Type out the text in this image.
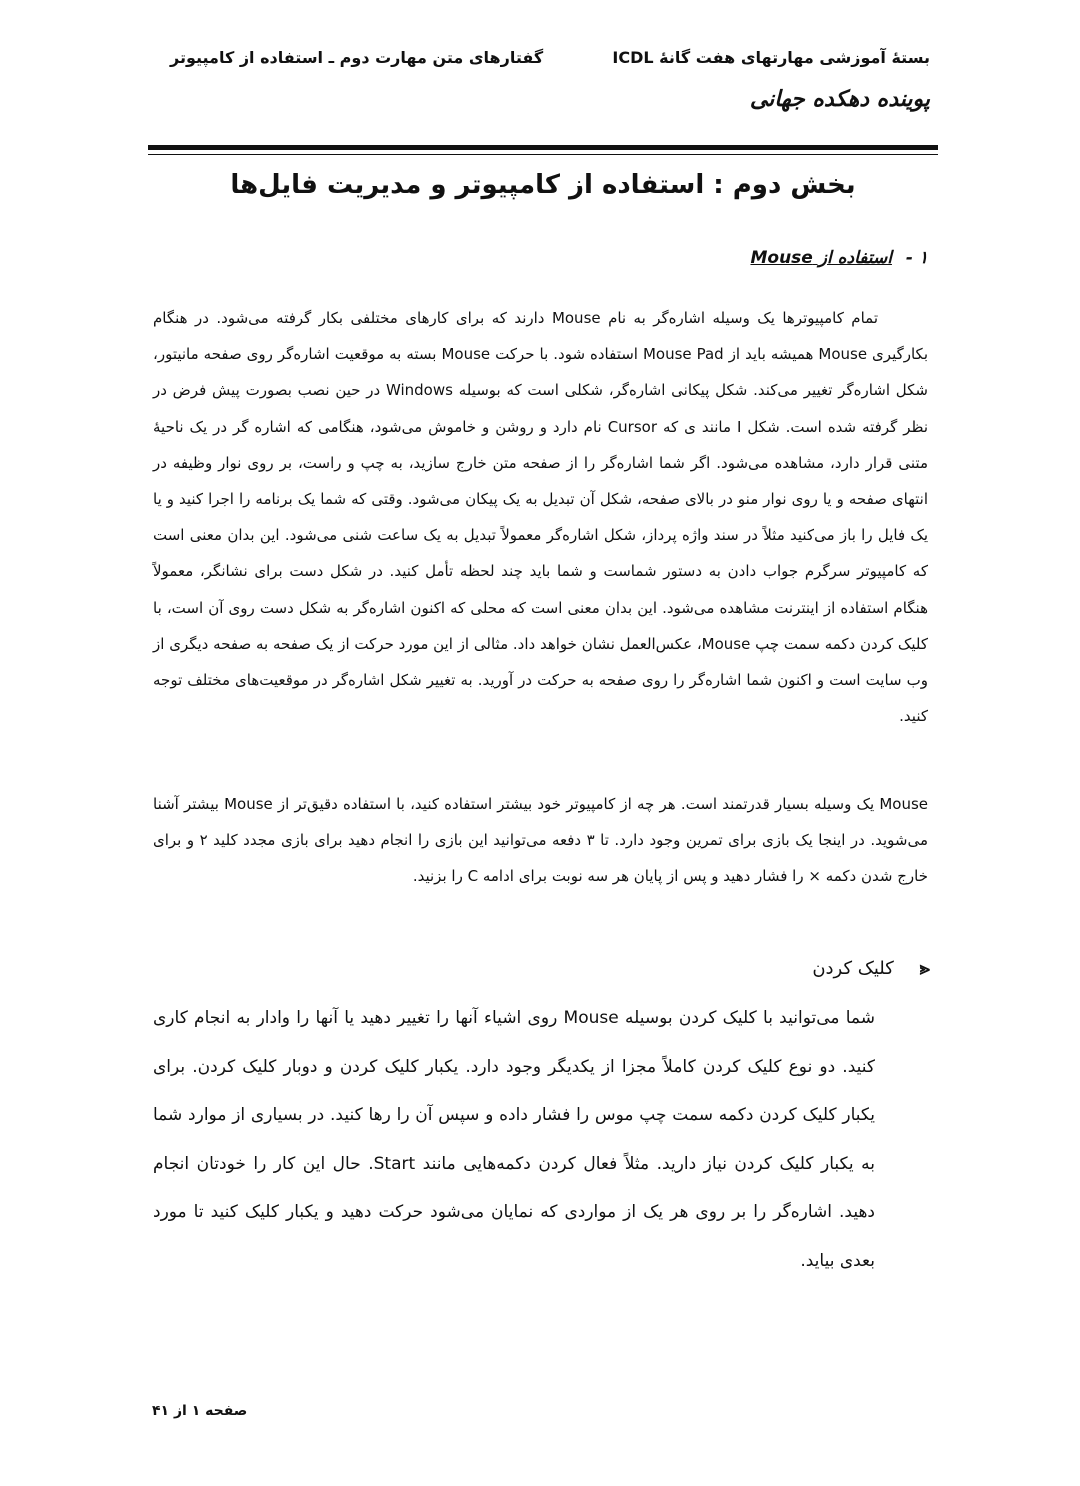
بستهٔ آموزشی مهارتهای هفت گانهٔ ICDL
گفتارهای متن مهارت دوم ـ استفاده از کامپیوتر
پوینده دهکده جهانی
بخش دوم : استفاده از کامپیوتر و مدیریت فایل‌ها
۱ - استفاده از Mouse
تمام کامپیوترها یک وسیله اشاره‌گر به نام Mouse دارند که برای کارهای مختلفی بکار گرفته می‌شود. در هنگام بکارگیری Mouse همیشه باید از Mouse Pad استفاده شود. با حرکت Mouse بسته به موقعیت اشاره‌گر روی صفحه مانیتور، شکل اشاره‌گر تغییر می‌کند. شکل پیکانی اشاره‌گر، شکلی است که بوسیله Windows در حین نصب بصورت پیش فرض در نظر گرفته شده است. شکل I مانند ی که Cursor نام دارد و روشن و خاموش می‌شود، هنگامی که اشاره گر در یک ناحیهٔ متنی قرار دارد، مشاهده می‌شود. اگر شما اشاره‌گر را از صفحه متن خارج سازید، به چپ و راست، بر روی نوار وظیفه در انتهای صفحه و یا روی نوار منو در بالای صفحه، شکل آن تبدیل به یک پیکان می‌شود. وقتی که شما یک برنامه را اجرا کنید و یا یک فایل را باز می‌کنید مثلاً در سند واژه پرداز، شکل اشاره‌گر معمولاً تبدیل به یک ساعت شنی می‌شود. این بدان معنی است که کامپیوتر سرگرم جواب دادن به دستور شماست و شما باید چند لحظه تأمل کنید. در شکل دست برای نشانگر، معمولاً هنگام استفاده از اینترنت مشاهده می‌شود. این بدان معنی است که محلی که اکنون اشاره‌گر به شکل دست روی آن است، با کلیک کردن دکمه سمت چپ Mouse، عکس‌العمل نشان خواهد داد. مثالی از این مورد حرکت از یک صفحه به صفحه دیگری از وب سایت است و اکنون شما اشاره‌گر را روی صفحه به حرکت در آورید. به تغییر شکل اشاره‌گر در موقعیت‌های مختلف توجه کنید.
Mouse یک وسیله بسیار قدرتمند است. هر چه از کامپیوتر خود بیشتر استفاده کنید، با استفاده دقیق‌تر از Mouse بیشتر آشنا می‌شوید. در اینجا یک بازی برای تمرین وجود دارد. تا ۳ دفعه می‌توانید این بازی را انجام دهید برای بازی مجدد کلید ۲ و برای خارج شدن دکمه × را فشار دهید و پس از پایان هر سه نوبت برای ادامه C را بزنید.
⪡
کلیک کردن
شما می‌توانید با کلیک کردن بوسیله Mouse روی اشیاء آنها را تغییر دهید یا آنها را وادار به انجام کاری کنید. دو نوع کلیک کردن کاملاً مجزا از یکدیگر وجود دارد. یکبار کلیک کردن و دوبار کلیک کردن. برای یکبار کلیک کردن دکمه سمت چپ موس را فشار داده و سپس آن را رها کنید. در بسیاری از موارد شما به یکبار کلیک کردن نیاز دارید. مثلاً فعال کردن دکمه‌هایی مانند Start. حال این کار را خودتان انجام دهید. اشاره‌گر را بر روی هر یک از مواردی که نمایان می‌شود حرکت دهید و یکبار کلیک کنید تا مورد بعدی بیاید.
صفحه ۱ از ۴۱
